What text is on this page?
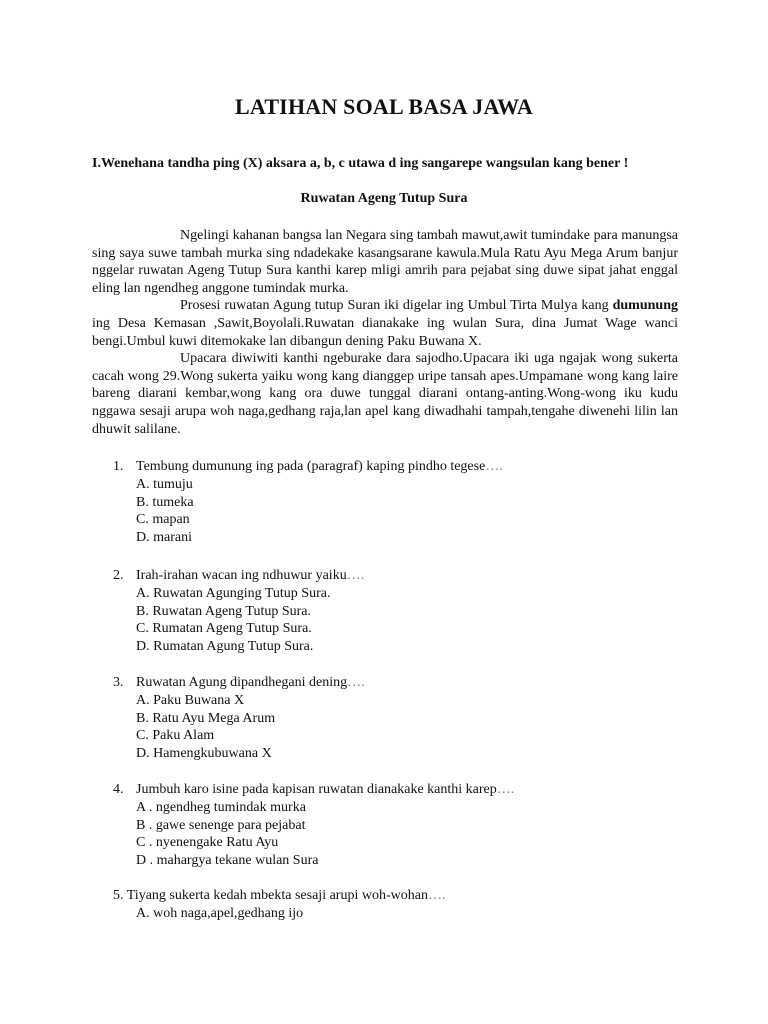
LATIHAN SOAL BASA JAWA
I.Wenehana tandha ping (X) aksara a, b, c utawa d ing sangarepe wangsulan kang bener !
Ruwatan Ageng Tutup Sura

Ngelingi kahanan bangsa lan Negara sing tambah mawut,awit tumindake para manungsa sing saya suwe tambah murka sing ndadekake kasangsarane kawula.Mula Ratu Ayu Mega Arum banjur nggelar ruwatan Ageng Tutup Sura kanthi karep mligi amrih para pejabat sing duwe sipat jahat enggal eling lan ngendheg anggone tumindak murka.

Prosesi ruwatan Agung tutup Suran iki digelar ing Umbul Tirta Mulya kang dumunung ing Desa Kemasan ,Sawit,Boyolali.Ruwatan dianakake ing wulan Sura, dina Jumat Wage wanci bengi.Umbul kuwi ditemokake lan dibangun dening Paku Buwana X.

Upacara diwiwiti kanthi ngeburake dara sajodho.Upacara iki uga ngajak wong sukerta cacah wong 29.Wong sukerta yaiku wong kang dianggep uripe tansah apes.Umpamane wong kang laire bareng diarani kembar,wong kang ora duwe tunggal diarani ontang-anting.Wong-wong iku kudu nggawa sesaji arupa woh naga,gedhang raja,lan apel kang diwadhahi tampah,tengahe diwenehi lilin lan dhuwit salilane.

1. Tembung dumunung ing pada (paragraf) kaping pindho tegese….
A. tumuju
B. tumeka
C. mapan
D. marani
2. Irah-irahan wacan ing ndhuwur yaiku….
A. Ruwatan Agunging Tutup Sura.
B. Ruwatan Ageng Tutup Sura.
C. Rumatan Ageng Tutup Sura.
D. Rumatan Agung Tutup Sura.
3. Ruwatan Agung dipandhegani dening….
A. Paku Buwana X
B. Ratu Ayu Mega Arum
C. Paku Alam
D. Hamengkubuwana X
4. Jumbuh karo isine pada kapisan ruwatan dianakake kanthi karep….
A . ngendheg tumindak murka
B . gawe senenge para pejabat
C . nyenengake Ratu Ayu
D . mahargya tekane wulan Sura
5. Tiyang sukerta kedah mbekta sesaji arupi woh-wohan….
A. woh naga,apel,gedhang ijo
